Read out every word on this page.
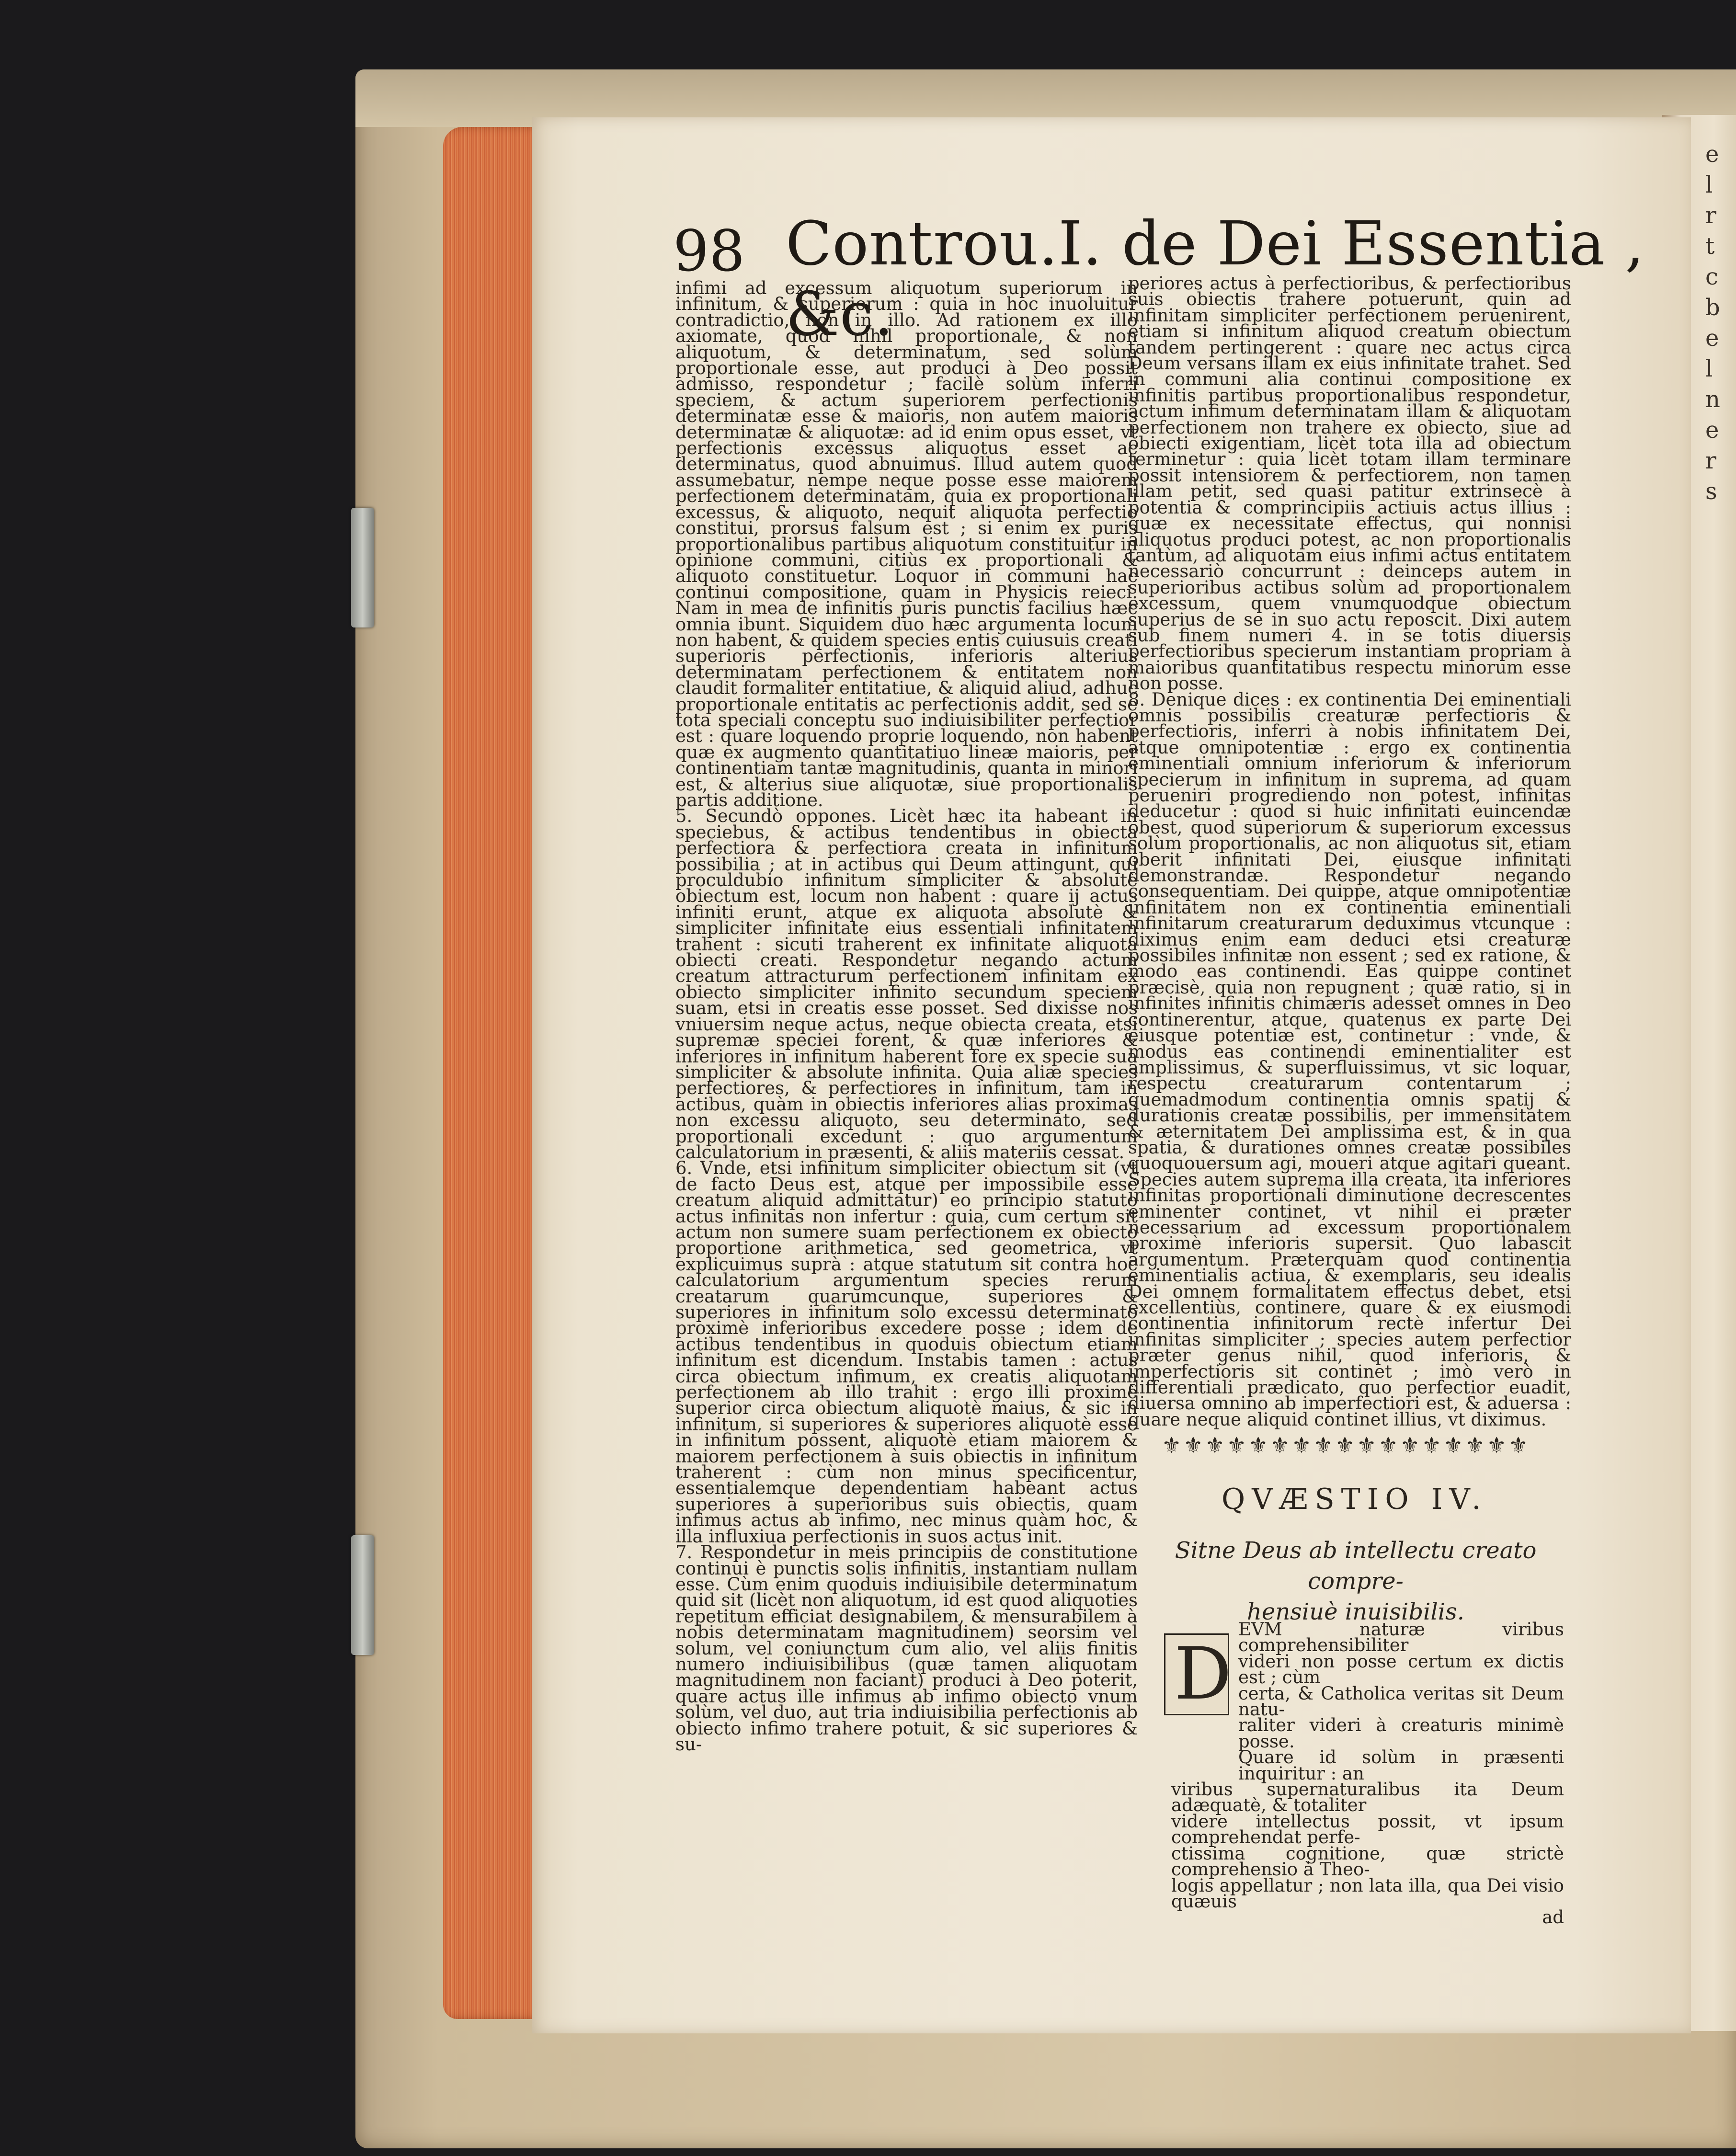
e
l
r
t
c
b
e
l
n
e
r
s
98 Controu.I. de Dei Essentia , &c.

infimi ad excessum aliquotum superiorum in infinitum, & superiorum : quia in hoc inuoluitur contradictio, non in illo. Ad rationem ex illo axiomate, quod nihil proportionale, & non aliquotum, & determinatum, sed solùm proportionale esse, aut produci à Deo possit admisso, respondetur ; facilè solùm inferri speciem, & actum superiorem perfectionis determinatæ esse & maioris, non autem maioris determinatæ & aliquotæ: ad id enim opus esset, vt perfectionis excessus aliquotus esset ac determinatus, quod abnuimus. Illud autem quod assumebatur, nempe neque posse esse maiorem perfectionem determinatam, quia ex proportionali excessus, & aliquoto, nequit aliquota perfectio constitui, prorsus falsum est ; si enim ex puris proportionalibus partibus aliquotum constituitur in opinione communi, citiùs ex proportionali & aliquoto constituetur. Loquor in communi hac continui compositione, quam in Physicis reieci. Nam in mea de infinitis puris punctis facilius hæc omnia ibunt. Siquidem duo hæc argumenta locum non habent, & quidem species entis cuiusuis creati superioris perfectionis, inferioris alterius determinatam perfectionem & entitatem non claudit formaliter entitatiue, & aliquid aliud, adhuc proportionale entitatis ac perfectionis addit, sed se tota speciali conceptu suo indiuisibiliter perfectior est : quare loquendo proprie loquendo, non habent quæ ex augmento quantitatiuo lineæ maioris, per continentiam tantæ magnitudinis, quanta in minori est, & alterius siue aliquotæ, siue proportionalis partis additione.

5. Secundò oppones. Licèt hæc ita habeant in speciebus, & actibus tendentibus in obiecta perfectiora & perfectiora creata in infinitum possibilia ; at in actibus qui Deum attingunt, qui proculdubio infinitum simpliciter & absolutè obiectum est, locum non habent : quare ij actus infiniti erunt, atque ex aliquota absolutè & simpliciter infinitate eius essentiali infinitatem trahent : sicuti traherent ex infinitate aliquota obiecti creati. Respondetur negando actum creatum attracturum perfectionem infinitam ex obiecto simpliciter infinito secundum speciem suam, etsi in creatis esse posset. Sed dixisse nos vniuersim neque actus, neque obiecta creata, etsi supremæ speciei forent, & quæ inferiores & inferiores in infinitum haberent fore ex specie sua simpliciter & absolute infinita. Quia aliæ species perfectiores, & perfectiores in infinitum, tam in actibus, quàm in obiectis inferiores alias proximas non excessu aliquoto, seu determinato, sed proportionali excedunt : quo argumentum calculatorium in præsenti, & aliis materiis cessat.

6. Vnde, etsi infinitum simpliciter obiectum sit (vt de facto Deus est, atque per impossibile esse creatum aliquid admittatur) eo principio statuto actus infinitas non infertur : quia, cum certum sit actum non sumere suam perfectionem ex obiecto proportione arithmetica, sed geometrica, vt explicuimus suprà : atque statutum sit contra hoc calculatorium argumentum species rerum creatarum quarumcunque, superiores & superiores in infinitum solo excessu determinato proximè inferioribus excedere posse ; idem de actibus tendentibus in quoduis obiectum etiam infinitum est dicendum. Instabis tamen : actus circa obiectum infimum, ex creatis aliquotam perfectionem ab illo trahit : ergo illi proximè superior circa obiectum aliquotè maius, & sic in infinitum, si superiores & superiores aliquotè esse in infinitum possent, aliquotè etiam maiorem & maiorem perfectionem à suis obiectis in infinitum traherent : cùm non minus specificentur, essentialemque dependentiam habeant actus superiores à superioribus suis obiectis, quam infimus actus ab infimo, nec minus quàm hoc, & illa influxiua perfectionis in suos actus init.

7. Respondetur in meis principiis de constitutione continui è punctis solis infinitis, instantiam nullam esse. Cùm enim quoduis indiuisibile determinatum quid sit (licèt non aliquotum, id est quod aliquoties repetitum efficiat designabilem, & mensurabilem à nobis determinatam magnitudinem) seorsim vel solum, vel coniunctum cum alio, vel aliis finitis numero indiuisibilibus (quæ tamen aliquotam magnitudinem non faciant) produci à Deo poterit, quare actus ille infimus ab infimo obiecto vnum solùm, vel duo, aut tria indiuisibilia perfectionis ab obiecto infimo trahere potuit, & sic superiores & su-

periores actus à perfectioribus, & perfectioribus suis obiectis trahere potuerunt, quin ad infinitam simpliciter perfectionem peruenirent, etiam si infinitum aliquod creatum obiectum tandem pertingerent : quare nec actus circa Deum versans illam ex eius infinitate trahet. Sed in communi alia continui compositione ex infinitis partibus proportionalibus respondetur, actum infimum determinatam illam & aliquotam perfectionem non trahere ex obiecto, siue ad obiecti exigentiam, licèt tota illa ad obiectum terminetur : quia licèt totam illam terminare possit intensiorem & perfectiorem, non tamen illam petit, sed quasi patitur extrinsecè à potentia & comprincipiis actiuis actus illius : quæ ex necessitate effectus, qui nonnisi aliquotus produci potest, ac non proportionalis tantùm, ad aliquotam eius infimi actus entitatem necessariò concurrunt : deinceps autem in superioribus actibus solùm ad proportionalem excessum, quem vnumquodque obiectum superius de se in suo actu reposcit. Dixi autem sub finem numeri 4. in se totis diuersis perfectioribus specierum instantiam propriam à maioribus quantitatibus respectu minorum esse non posse.

8. Denique dices : ex continentia Dei eminentiali omnis possibilis creaturæ perfectioris & perfectioris, inferri à nobis infinitatem Dei, atque omnipotentiæ : ergo ex continentia eminentiali omnium inferiorum & inferiorum specierum in infinitum in suprema, ad quam perueniri progrediendo non potest, infinitas deducetur : quod si huic infinitati euincendæ obest, quod superiorum & superiorum excessus solùm proportionalis, ac non aliquotus sit, etiam oberit infinitati Dei, eiusque infinitati demonstrandæ. Respondetur negando consequentiam. Dei quippe, atque omnipotentiæ infinitatem non ex continentia eminentiali infinitarum creaturarum deduximus vtcunque : diximus enim eam deduci etsi creaturæ possibiles infinitæ non essent ; sed ex ratione, & modo eas continendi. Eas quippe continet præcisè, quia non repugnent ; quæ ratio, si in infinites infinitis chimæris adesset omnes in Deo continerentur, atque, quatenus ex parte Dei eiusque potentiæ est, continetur : vnde, & modus eas continendi eminentialiter est amplissimus, & superfluissimus, vt sic loquar, respectu creaturarum contentarum ; quemadmodum continentia omnis spatij & durationis creatæ possibilis, per immensitatem & æternitatem Dei amplissima est, & in qua spatia, & durationes omnes creatæ possibiles quoquouersum agi, moueri atque agitari queant. Species autem suprema illa creata, ita inferiores infinitas proportionali diminutione decrescentes eminenter continet, vt nihil ei præter necessarium ad excessum proportionalem proximè inferioris supersit. Quo labascit argumentum. Præterquam quod continentia eminentialis actiua, & exemplaris, seu idealis Dei omnem formalitatem effectus debet, etsi excellentiùs, continere, quare & ex eiusmodi continentia infinitorum rectè infertur Dei infinitas simpliciter ; species autem perfectior præter genus nihil, quod inferioris, & imperfectioris sit continet ; imò verò in differentiali prædicato, quo perfectior euadit, diuersa omnino ab imperfectiori est, & aduersa : quare neque aliquid continet illius, vt diximus.

⚜⚜⚜⚜⚜⚜⚜⚜⚜⚜⚜⚜⚜⚜⚜⚜⚜
QVÆSTIO IV.
Sitne Deus ab intellectu creato compre-
hensiuè inuisibilis.
D
EVM naturæ viribus comprehensibiliter
videri non posse certum ex dictis est ; cùm
certa, & Catholica veritas sit Deum natu-
raliter videri à creaturis minimè posse.
Quare id solùm in præsenti inquiritur : an
viribus supernaturalibus ita Deum adæquatè, & totaliter
videre intellectus possit, vt ipsum comprehendat perfe-
ctissima cognitione, quæ strictè comprehensio à Theo-
logis appellatur ; non lata illa, qua Dei visio quæuis
ad
